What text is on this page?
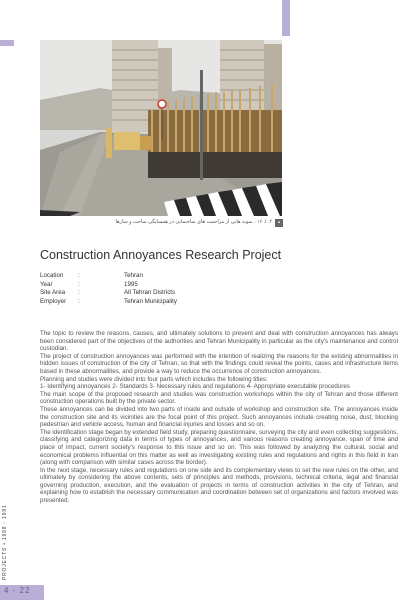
4 - 22
PROJECTS • 1988 - 1991
▪
۲. ا. ۱۶ . نمونه هایی از مزاحمت های ساختمانی در همسایگی ساخت و سازها
Construction Annoyances Research Project
Location	:	Tehran
Year	:	1995
Site Area	:	All Tehran Districts
Employer	:	Tehran Municipality

The topic to review the reasons, causes, and ultimately solutions to prevent and deal with construction annoyances has always been considered part of the objectives of the authorities and Tehran Municipality in particular as the city's maintenance and control custodian.

The project of construction annoyances was performed with the intention of realizing the reasons for the existing abnormalities in hidden issues of construction of the city of Tehran, so that with the findings could reveal the points, cases and infrastructure items based in these abnormalities, and provide a way to reduce the occurrence of construction annoyances.

Planning and studies were divided into four parts which includes the following titles:

1- Identifying annoyances 2- Standards 3- Necessary rules and regulations 4- Appropriate executable procedures

The main scope of the proposed research and studies was construction workshops within the city of Tehran and those different construction operations built by the private sector.

These annoyances can be divided into two parts of inside and outside of workshop and construction site. The annoyances inside the construction site and its vicinities are the focal point of this project. Such annoyances include creating noise, dust, blocking pedestrian and vehicle access, human and financial injuries and losses and so on.

The identification stage began by extended field study, preparing questionnaire, surveying the city and even collecting suggestions, classifying and categorizing data in terms of types of annoyances, and various reasons creating annoyance, span of time and place of impact, current society's response to this issue and so on. This was followed by analyzing the cultural, social and economical problems influential on this matter as well as investigating existing rules and regulations and rights in this field in Iran (along with comparison with similar cases across the border).

In the next stage, necessary rules and regulations on one side and its complementary views to set the new rules on the other, and ultimately by considering the above contents, sets of principles and methods, provisions, technical criteria, legal and financial governing production, execution, and the evaluation of projects in terms of construction activities in the city of Tehran, and explaining how to establish the necessary communication and coordination between set of organizations and factors involved was presented.
